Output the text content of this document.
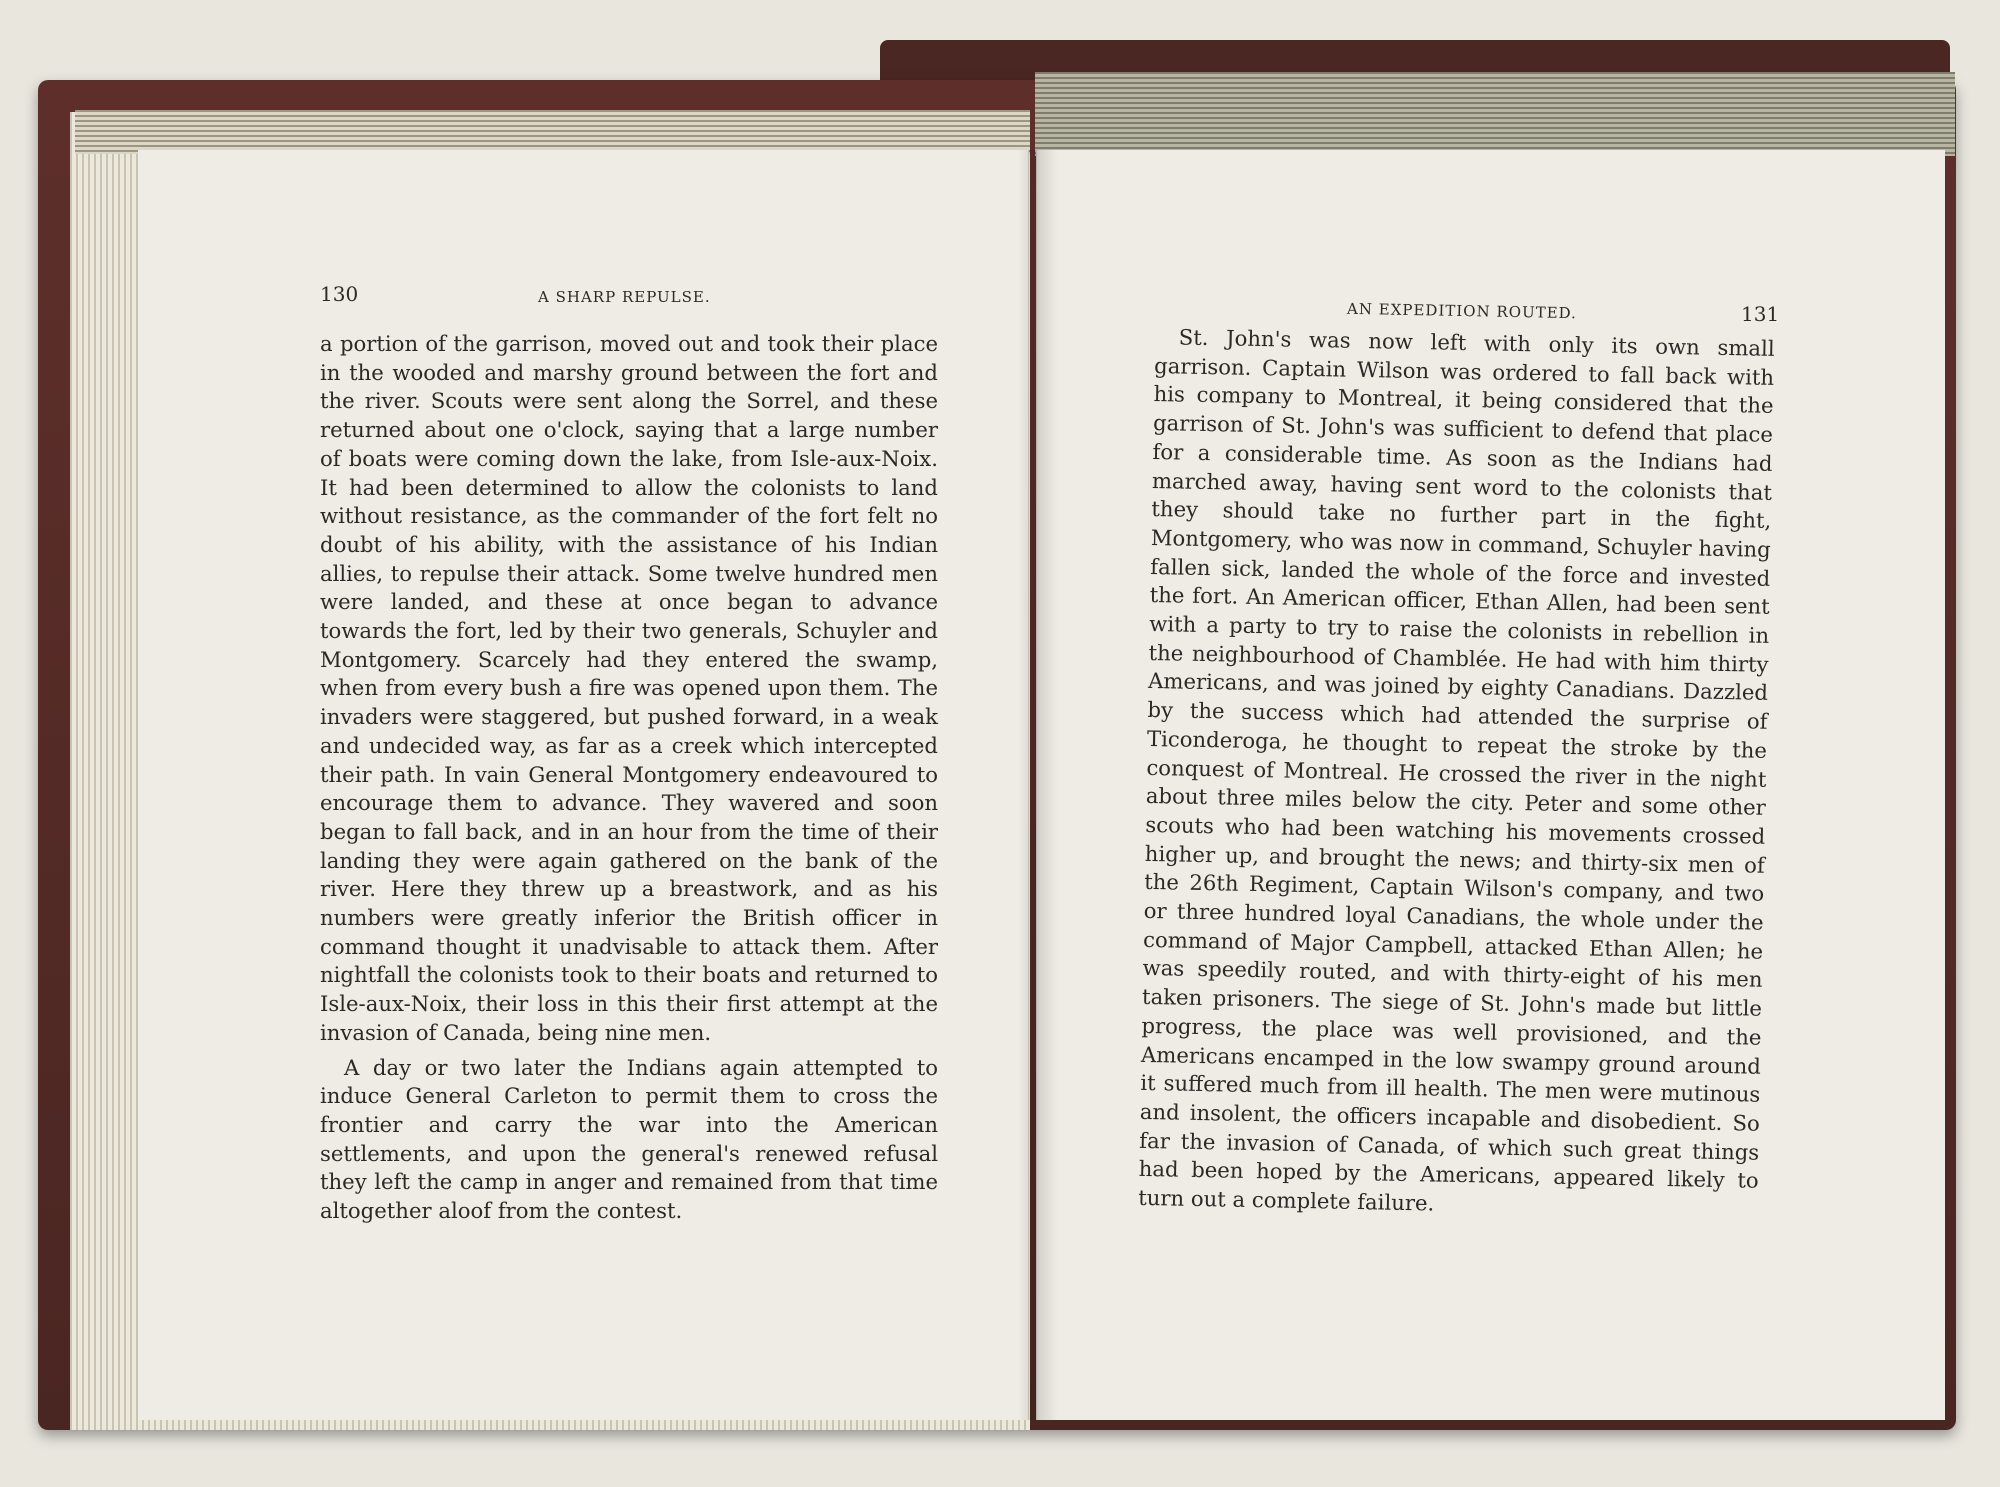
130	A SHARP REPULSE.

a portion of the garrison, moved out and took their place in the wooded and marshy ground between the fort and the river. Scouts were sent along the Sorrel, and these returned about one o'clock, saying that a large number of boats were coming down the lake, from Isle-aux-Noix. It had been determined to allow the colonists to land without resistance, as the commander of the fort felt no doubt of his ability, with the assistance of his Indian allies, to repulse their attack. Some twelve hundred men were landed, and these at once began to advance towards the fort, led by their two generals, Schuyler and Montgomery. Scarcely had they entered the swamp, when from every bush a fire was opened upon them. The invaders were staggered, but pushed forward, in a weak and undecided way, as far as a creek which intercepted their path. In vain General Montgomery endeavoured to encourage them to advance. They wavered and soon began to fall back, and in an hour from the time of their landing they were again gathered on the bank of the river. Here they threw up a breastwork, and as his numbers were greatly inferior the British officer in command thought it unadvisable to attack them. After nightfall the colonists took to their boats and returned to Isle-aux-Noix, their loss in this their first attempt at the invasion of Canada, being nine men.

A day or two later the Indians again attempted to induce General Carleton to permit them to cross the frontier and carry the war into the American settlements, and upon the general's renewed refusal they left the camp in anger and remained from that time altogether aloof from the contest.

AN EXPEDITION ROUTED.	131

St. John's was now left with only its own small garrison. Captain Wilson was ordered to fall back with his company to Montreal, it being considered that the garrison of St. John's was sufficient to defend that place for a considerable time. As soon as the Indians had marched away, having sent word to the colonists that they should take no further part in the fight, Montgomery, who was now in command, Schuyler having fallen sick, landed the whole of the force and invested the fort. An American officer, Ethan Allen, had been sent with a party to try to raise the colonists in rebellion in the neighbourhood of Chamblée. He had with him thirty Americans, and was joined by eighty Canadians. Dazzled by the success which had attended the surprise of Ticonderoga, he thought to repeat the stroke by the conquest of Montreal. He crossed the river in the night about three miles below the city. Peter and some other scouts who had been watching his movements crossed higher up, and brought the news; and thirty-six men of the 26th Regiment, Captain Wilson's company, and two or three hundred loyal Canadians, the whole under the command of Major Campbell, attacked Ethan Allen; he was speedily routed, and with thirty-eight of his men taken prisoners. The siege of St. John's made but little progress, the place was well provisioned, and the Americans encamped in the low swampy ground around it suffered much from ill health. The men were mutinous and insolent, the officers incapable and disobedient. So far the invasion of Canada, of which such great things had been hoped by the Americans, appeared likely to turn out a complete failure.
